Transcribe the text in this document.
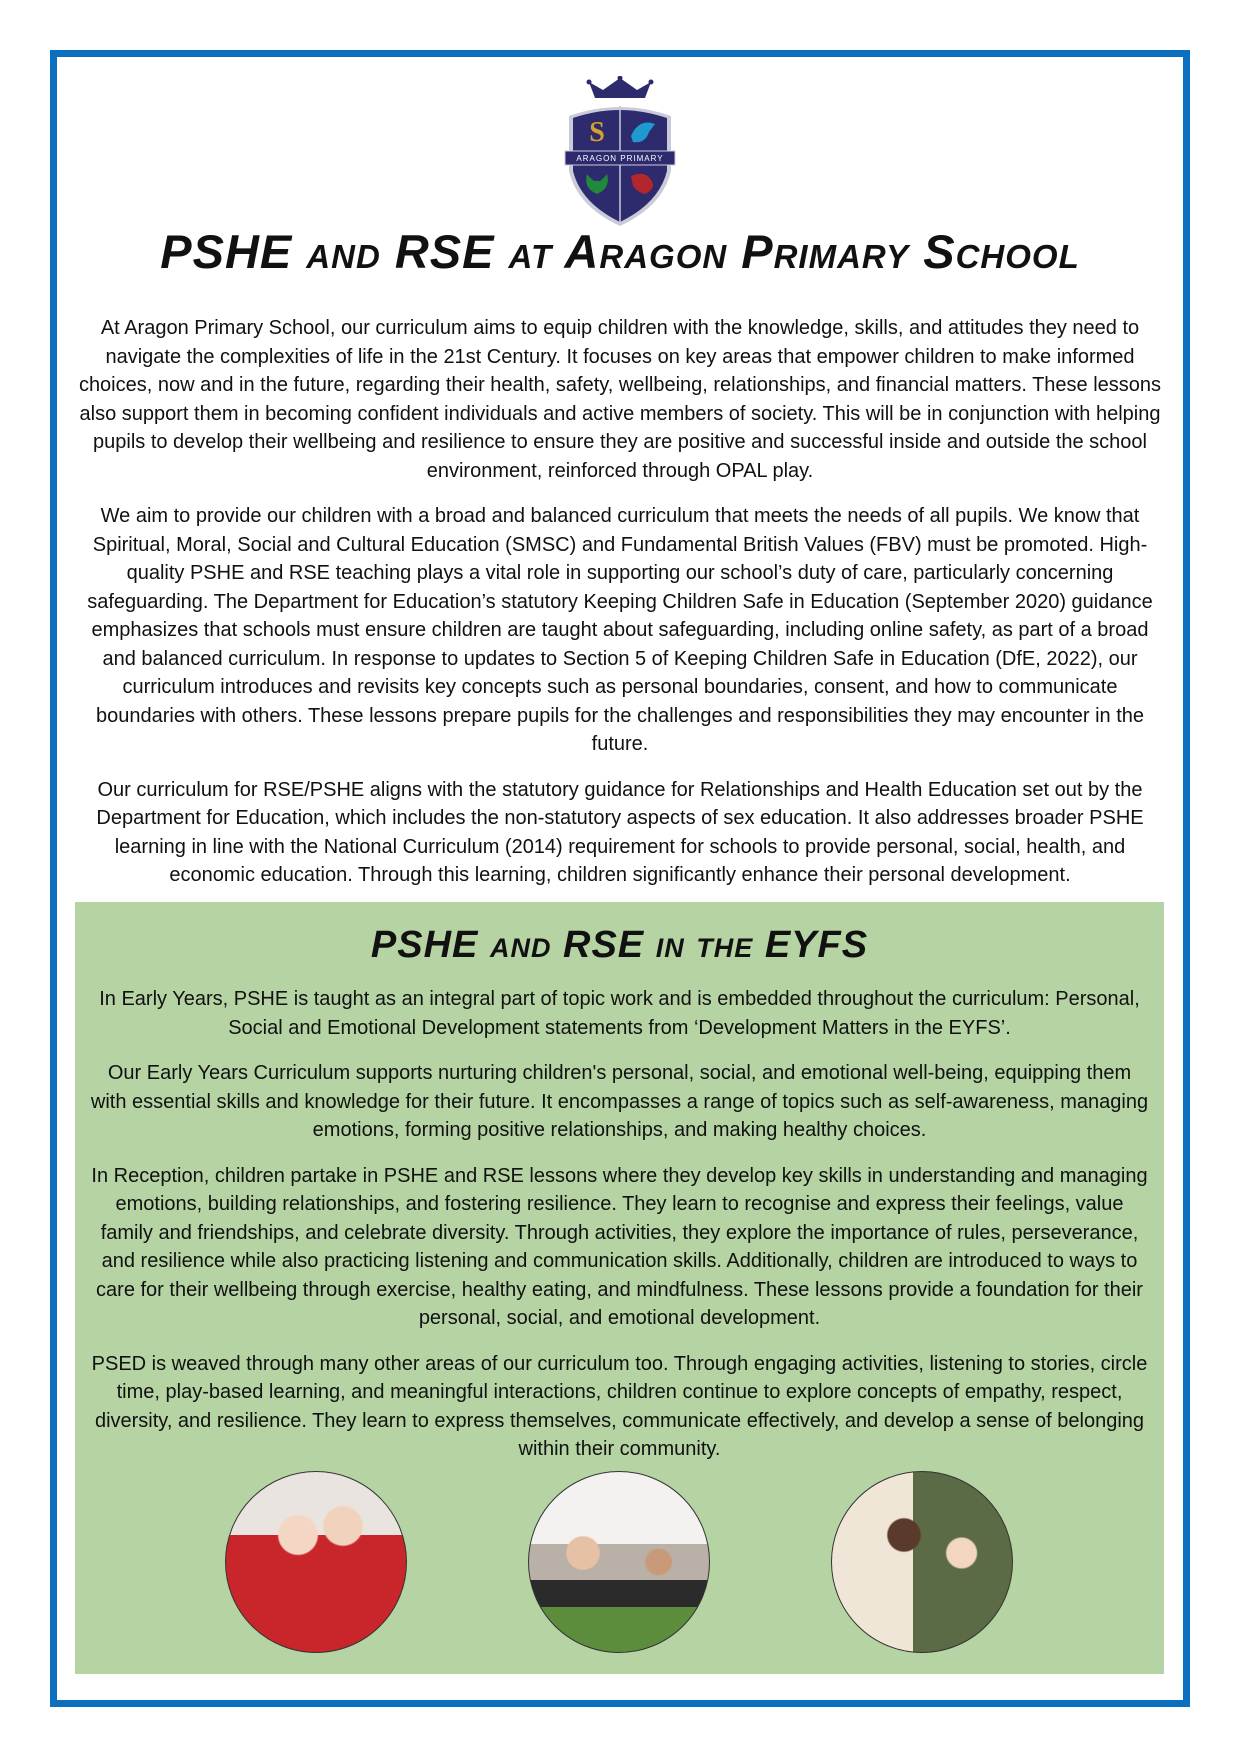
S
ARAGON PRIMARY
PSHE and RSE at Aragon Primary School

At Aragon Primary School, our curriculum aims to equip children with the knowledge, skills, and attitudes they need to navigate the complexities of life in the 21st Century. It focuses on key areas that empower children to make informed choices, now and in the future, regarding their health, safety, wellbeing, relationships, and financial matters. These lessons also support them in becoming confident individuals and active members of society. This will be in conjunction with helping pupils to develop their wellbeing and resilience to ensure they are positive and successful inside and outside the school environment, reinforced through OPAL play.

We aim to provide our children with a broad and balanced curriculum that meets the needs of all pupils. We know that Spiritual, Moral, Social and Cultural Education (SMSC) and Fundamental British Values (FBV) must be promoted. High-quality PSHE and RSE teaching plays a vital role in supporting our school’s duty of care, particularly concerning safeguarding. The Department for Education’s statutory Keeping Children Safe in Education (September 2020) guidance emphasizes that schools must ensure children are taught about safeguarding, including online safety, as part of a broad and balanced curriculum. In response to updates to Section 5 of Keeping Children Safe in Education (DfE, 2022), our curriculum introduces and revisits key concepts such as personal boundaries, consent, and how to communicate boundaries with others. These lessons prepare pupils for the challenges and responsibilities they may encounter in the future.

Our curriculum for RSE/PSHE aligns with the statutory guidance for Relationships and Health Education set out by the Department for Education, which includes the non-statutory aspects of sex education. It also addresses broader PSHE learning in line with the National Curriculum (2014) requirement for schools to provide personal, social, health, and economic education. Through this learning, children significantly enhance their personal development.

PSHE and RSE in the EYFS

In Early Years, PSHE is taught as an integral part of topic work and is embedded throughout the curriculum: Personal, Social and Emotional Development statements from ‘Development Matters in the EYFS’.

Our Early Years Curriculum supports nurturing children's personal, social, and emotional well-being, equipping them with essential skills and knowledge for their future. It encompasses a range of topics such as self-awareness, managing emotions, forming positive relationships, and making healthy choices.

In Reception, children partake in PSHE and RSE lessons where they develop key skills in understanding and managing emotions, building relationships, and fostering resilience. They learn to recognise and express their feelings, value family and friendships, and celebrate diversity. Through activities, they explore the importance of rules, perseverance, and resilience while also practicing listening and communication skills. Additionally, children are introduced to ways to care for their wellbeing through exercise, healthy eating, and mindfulness. These lessons provide a foundation for their personal, social, and emotional development.

PSED is weaved through many other areas of our curriculum too. Through engaging activities, listening to stories, circle time, play-based learning, and meaningful interactions, children continue to explore concepts of empathy, respect, diversity, and resilience. They learn to express themselves, communicate effectively, and develop a sense of belonging within their community.
